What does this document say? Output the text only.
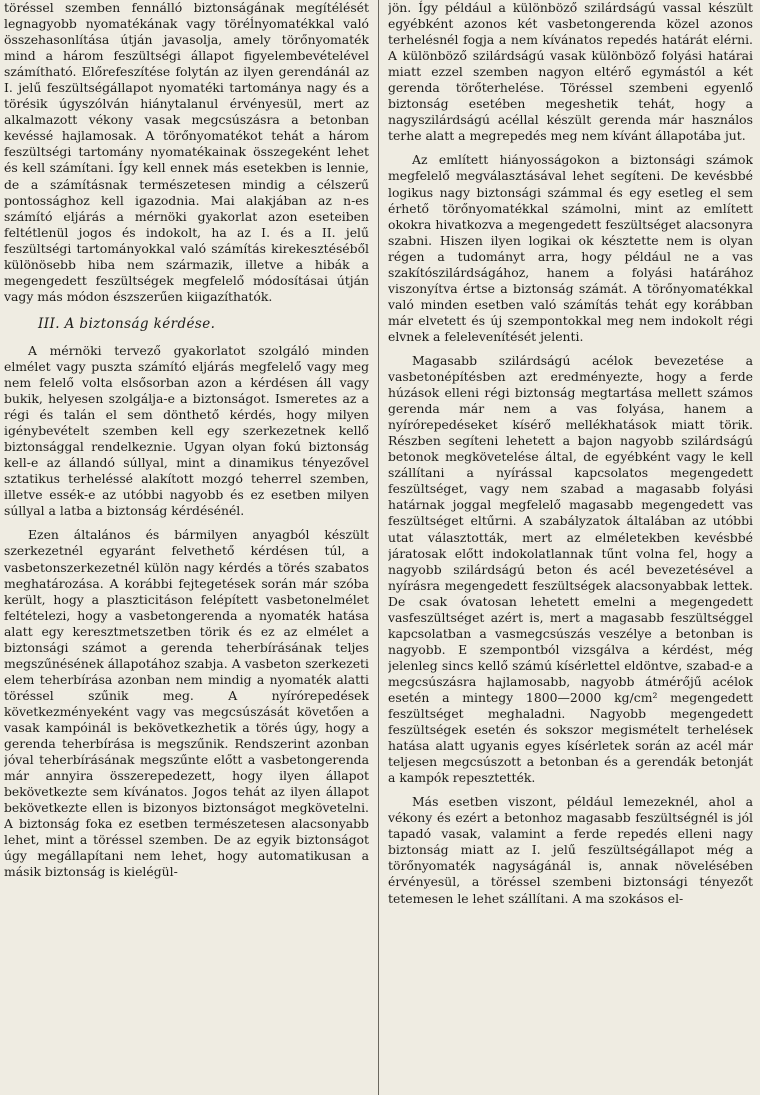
töréssel szemben fennálló biztonságának megítélését legnagyobb nyomatékának vagy töréĺnyomatékkal való összehasonlítása útján javasolja, amely törőnyomaték mind a három feszültségi állapot figyelembevételével számítható. Előrefeszítése folytán az ilyen gerendánál az I. jelű feszültségállapot nyomatéki tartománya nagy és a törésik úgyszólván hiánytalanul érvényesül, mert az alkalmazott vékony vasak megcsúszásra a betonban kevéssé hajlamosak. A törőnyomatékot tehát a három feszültségi tartomány nyomatékainak összegeként lehet és kell számítani. Így kell ennek más esetekben is lennie, de a számításnak természetesen mindig a célszerű pontossághoz kell igazodnia. Mai alakjában az n-es számító eljárás a mérnöki gyakorlat azon eseteiben feltétlenül jogos és indokolt, ha az I. és a II. jelű feszültségi tartományokkal való számítás kirekesztéséből különösebb hiba nem származik, illetve a hibák a megengedett feszültségek megfelelő módosításai útján vagy más módon észszerűen kiigazíthatók.

III. A biztonság kérdése.

A mérnöki tervező gyakorlatot szolgáló minden elmélet vagy puszta számító eljárás megfelelő vagy meg nem felelő volta elsősorban azon a kérdésen áll vagy bukik, helyesen szolgálja-e a biztonságot. Ismeretes az a régi és talán el sem dönthető kérdés, hogy milyen igénybevételt szemben kell egy szerkezetnek kellő biztonsággal rendelkeznie. Ugyan olyan fokú biztonság kell-e az állandó súllyal, mint a dinamikus tényezővel sztatikus terheléssé alakított mozgó teherrel szemben, illetve essék-e az utóbbi nagyobb és ez esetben milyen súllyal a latba a biztonság kérdésénél.

Ezen általános és bármilyen anyagból készült szerkezetnél egyaránt felvethető kérdésen túl, a vasbetonszerkezetnél külön nagy kérdés a törés szabatos meghatározása. A korábbi fejtegetések során már szóba került, hogy a plaszticitáson felépített vasbetonelmélet feltételezi, hogy a vasbetongerenda a nyomaték hatása alatt egy keresztmetszetben törik és ez az elmélet a biztonsági számot a gerenda teherbírásának teljes megszűnésének állapotához szabja. A vasbeton szerkezeti elem teherbírása azonban nem mindig a nyomaték alatti töréssel szűnik meg. A nyírórepedések következményeként vagy vas megcsúszását követően a vasak kampóinál is bekövetkezhetik a törés úgy, hogy a gerenda teherbírása is megszűnik. Rendszerint azonban jóval teherbírásának megszűnte előtt a vasbetongerenda már annyira összerepedezett, hogy ilyen állapot bekövetkezte sem kívánatos. Jogos tehát az ilyen állapot bekövetkezte ellen is bizonyos biztonságot megkövetelni. A biztonság foka ez esetben természetesen alacsonyabb lehet, mint a töréssel szemben. De az egyik biztonságot úgy megállapítani nem lehet, hogy automatikusan a másik biztonság is kielégül-

jön. Így például a különböző szilárdságú vassal készült egyébként azonos két vasbetongerenda közel azonos terhelésnél fogja a nem kívánatos repedés határát elérni. A különböző szilárdságú vasak különböző folyási határai miatt ezzel szemben nagyon eltérő egymástól a két gerenda törőterhelése. Töréssel szembeni egyenlő biztonság esetében megeshetik tehát, hogy a nagyszilárdságú acéllal készült gerenda már használos terhe alatt a megrepedés meg nem kívánt állapotába jut.

Az említett hiányosságokon a biztonsági számok megfelelő megválasztásával lehet segíteni. De kevésbbé logikus nagy biztonsági számmal és egy esetleg el sem érhető törőnyomatékkal számolni, mint az említett okokra hivatkozva a megengedett feszültséget alacsonyra szabni. Hiszen ilyen logikai ok késztette nem is olyan régen a tudományt arra, hogy például ne a vas szakítószilárdságához, hanem a folyási határához viszonyítva értse a biztonság számát. A törőnyomatékkal való minden esetben való számítás tehát egy korábban már elvetett és új szempontokkal meg nem indokolt régi elvnek a felelevenítését jelenti.

Magasabb szilárdságú acélok bevezetése a vasbetonépítésben azt eredményezte, hogy a ferde húzások elleni régi biztonság megtartása mellett számos gerenda már nem a vas folyása, hanem a nyírórepedéseket kísérő mellékhatások miatt törik. Részben segíteni lehetett a bajon nagyobb szilárdságú betonok megkövetelése által, de egyébként vagy le kell szállítani a nyírással kapcsolatos megengedett feszültséget, vagy nem szabad a magasabb folyási határnak joggal megfelelő magasabb megengedett vas feszültséget eltűrni. A szabályzatok általában az utóbbi utat választották, mert az elméletekben kevésbbé járatosak előtt indokolatlannak tűnt volna fel, hogy a nagyobb szilárdságú beton és acél bevezetésével a nyírásra megengedett feszültségek alacsonyabbak lettek. De csak óvatosan lehetett emelni a megengedett vasfeszültséget azért is, mert a magasabb feszültséggel kapcsolatban a vasmegcsúszás veszélye a betonban is nagyobb. E szempontból vizsgálva a kérdést, még jelenleg sincs kellő számú kísérlettel eldöntve, szabad-e a megcsúszásra hajlamosabb, nagyobb átmérőjű acélok esetén a mintegy 1800—2000 kg/cm² megengedett feszültséget meghaladni. Nagyobb megengedett feszültségek esetén és sokszor megismételt terhelések hatása alatt ugyanis egyes kísérletek során az acél már teljesen megcsúszott a betonban és a gerendák betonját a kampók repesztették.

Más esetben viszont, például lemezeknél, ahol a vékony és ezért a betonhoz magasabb feszültségnél is jól tapadó vasak, valamint a ferde repedés elleni nagy biztonság miatt az I. jelű feszültségállapot még a törőnyomaték nagyságánál is, annak növelésében érvényesül, a töréssel szembeni biztonsági tényezőt tetemesen le lehet szállítani. A ma szokásos el-
